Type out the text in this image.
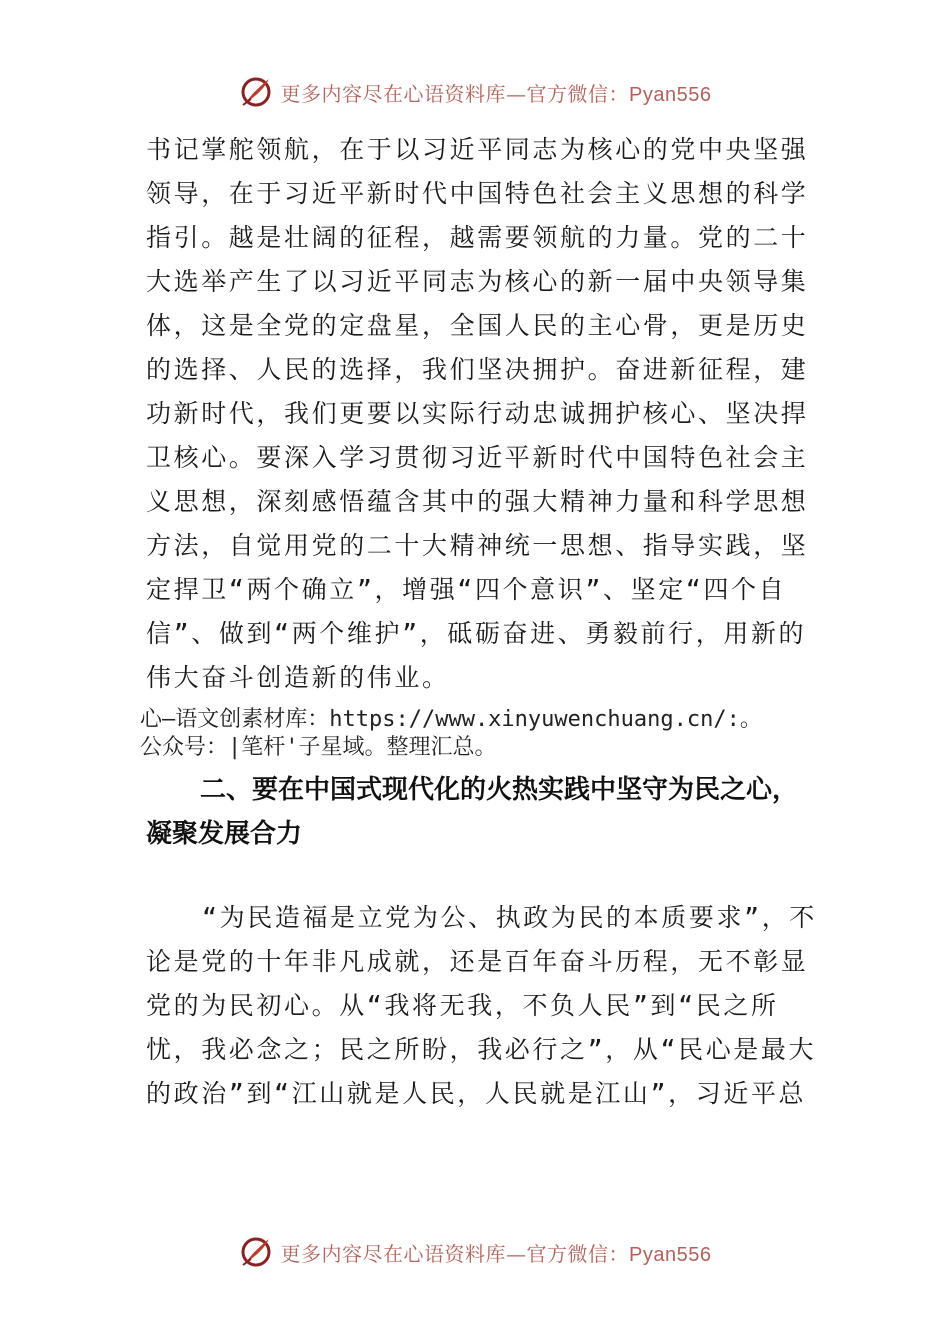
更多内容尽在心语资料库—官方微信：Pyan556
书记掌舵领航，在于以习近平同志为核心的党中央坚强
领导，在于习近平新时代中国特色社会主义思想的科学
指引。越是壮阔的征程，越需要领航的力量。党的二十
大选举产生了以习近平同志为核心的新一届中央领导集
体，这是全党的定盘星，全国人民的主心骨，更是历史
的选择、人民的选择，我们坚决拥护。奋进新征程，建
功新时代，我们更要以实际行动忠诚拥护核心、坚决捍
卫核心。要深入学习贯彻习近平新时代中国特色社会主
义思想，深刻感悟蕴含其中的强大精神力量和科学思想
方法，自觉用党的二十大精神统一思想、指导实践，坚
定捍卫“两个确立”，增强“四个意识”、坚定“四个自
信”、做到“两个维护”，砥砺奋进、勇毅前行，用新的
伟大奋斗创造新的伟业。
心—语文创素材库：https://www.xinyuwenchuang.cn/:。
公众号：|笔杆'子星域。整理汇总。
二、要在中国式现代化的火热实践中坚守为民之心，
凝聚发展合力
“为民造福是立党为公、执政为民的本质要求”，不
论是党的十年非凡成就，还是百年奋斗历程，无不彰显
党的为民初心。从“我将无我，不负人民”到“民之所
忧，我必念之；民之所盼，我必行之”，从“民心是最大
的政治”到“江山就是人民，人民就是江山”，习近平总
更多内容尽在心语资料库—官方微信：Pyan556
